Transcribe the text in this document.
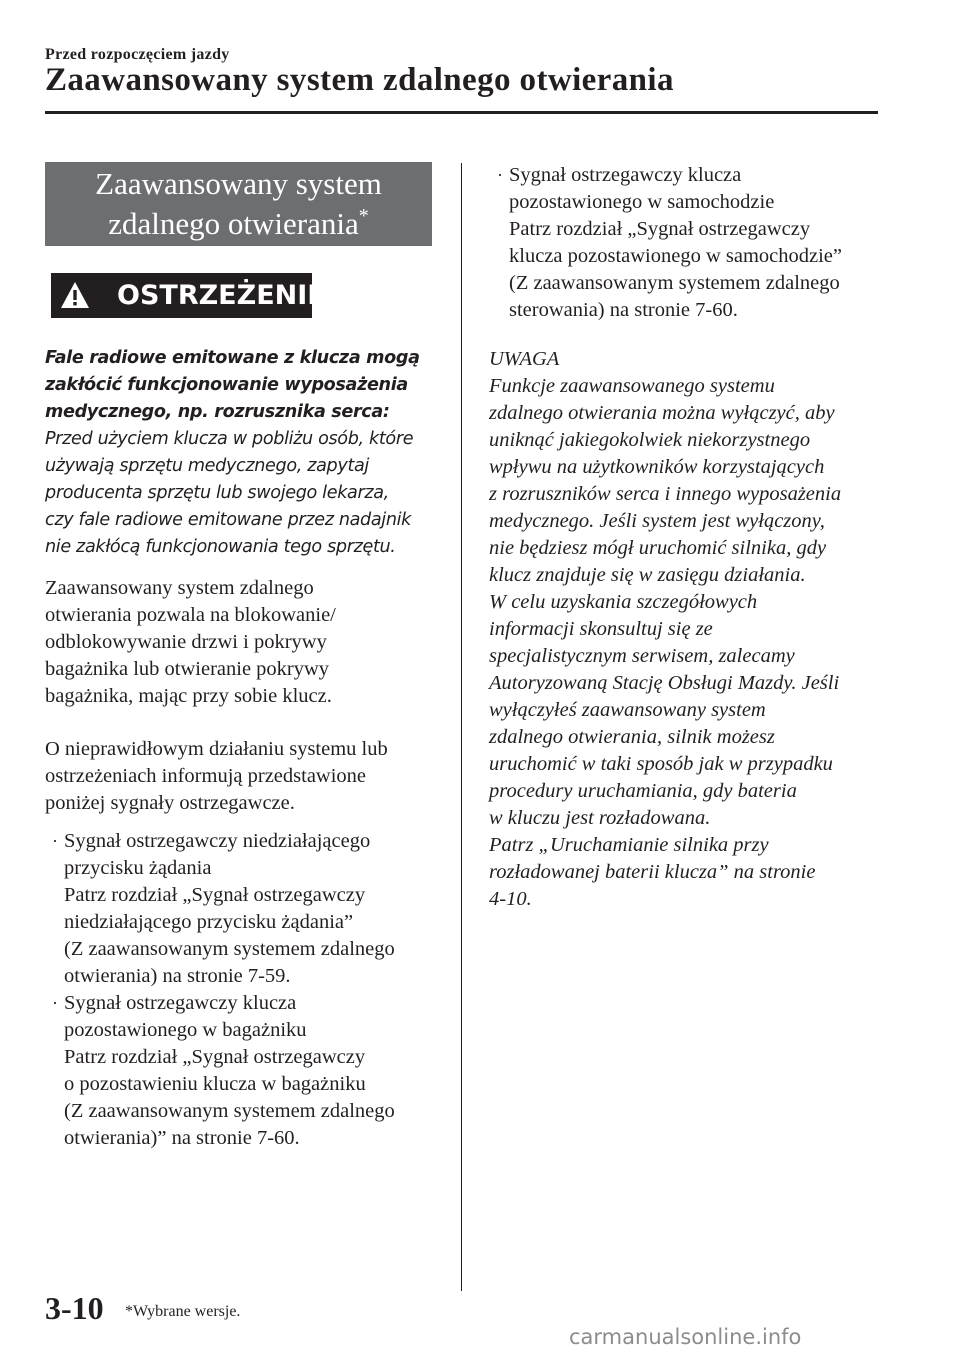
Przed rozpoczęciem jazdy
Zaawansowany system zdalnego otwierania
Zaawansowany system
zdalnego otwierania*
OSTRZEŻENIE
Fale radiowe emitowane z klucza mogą
zakłócić funkcjonowanie wyposażenia
medycznego, np. rozrusznika serca:
Przed użyciem klucza w pobliżu osób, które
używają sprzętu medycznego, zapytaj
producenta sprzętu lub swojego lekarza,
czy fale radiowe emitowane przez nadajnik
nie zakłócą funkcjonowania tego sprzętu.
Zaawansowany system zdalnego
otwierania pozwala na blokowanie/
odblokowywanie drzwi i pokrywy
bagażnika lub otwieranie pokrywy
bagażnika, mając przy sobie klucz.
O nieprawidłowym działaniu systemu lub
ostrzeżeniach informują przedstawione
poniżej sygnały ostrzegawcze.
· Sygnał ostrzegawczy niedziałającego
przycisku żądania
Patrz rozdział „Sygnał ostrzegawczy
niedziałającego przycisku żądania”
(Z zaawansowanym systemem zdalnego
otwierania) na stronie 7-59.
· Sygnał ostrzegawczy klucza
pozostawionego w bagażniku
Patrz rozdział „Sygnał ostrzegawczy
o pozostawieniu klucza w bagażniku
(Z zaawansowanym systemem zdalnego
otwierania)” na stronie 7-60.
· Sygnał ostrzegawczy klucza
pozostawionego w samochodzie
Patrz rozdział „Sygnał ostrzegawczy
klucza pozostawionego w samochodzie”
(Z zaawansowanym systemem zdalnego
sterowania) na stronie 7-60.
UWAGA
Funkcje zaawansowanego systemu
zdalnego otwierania można wyłączyć, aby
uniknąć jakiegokolwiek niekorzystnego
wpływu na użytkowników korzystających
z rozruszników serca i innego wyposażenia
medycznego. Jeśli system jest wyłączony,
nie będziesz mógł uruchomić silnika, gdy
klucz znajduje się w zasięgu działania.
W celu uzyskania szczegółowych
informacji skonsultuj się ze
specjalistycznym serwisem, zalecamy
Autoryzowaną Stację Obsługi Mazdy. Jeśli
wyłączyłeś zaawansowany system
zdalnego otwierania, silnik możesz
uruchomić w taki sposób jak w przypadku
procedury uruchamiania, gdy bateria
w kluczu jest rozładowana.
Patrz „Uruchamianie silnika przy
rozładowanej baterii klucza” na stronie
4-10.
3-10 *Wybrane wersje.
carmanualsonline.info
